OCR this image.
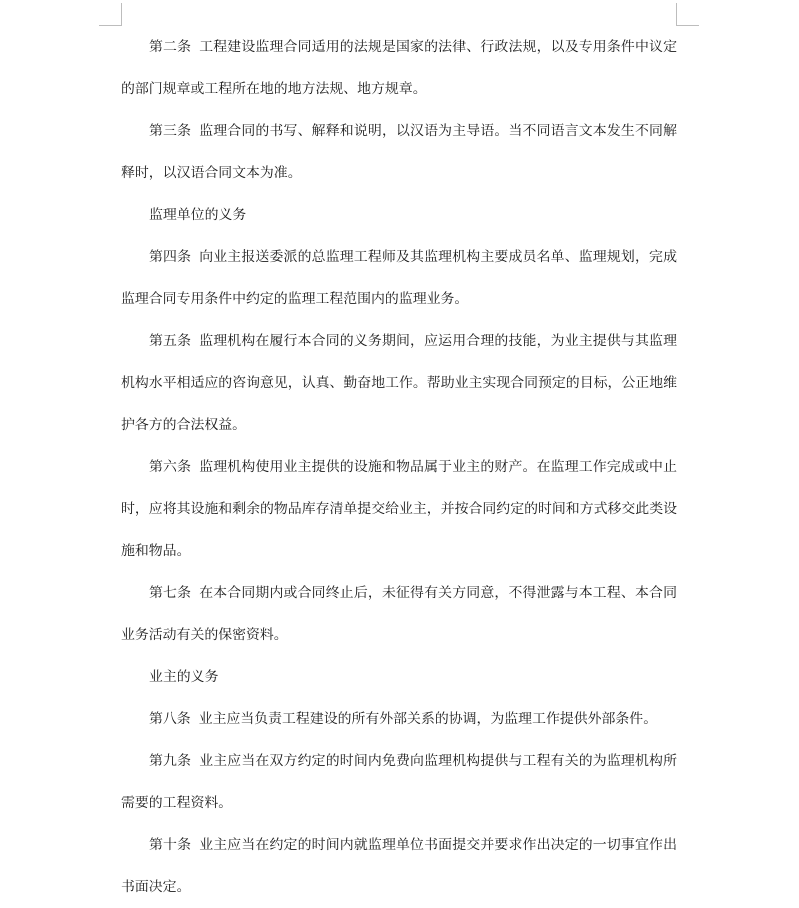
第二条 工程建设监理合同适用的法规是国家的法律、行政法规，以及专用条件中议定的部门规章或工程所在地的地方法规、地方规章。

第三条 监理合同的书写、解释和说明，以汉语为主导语。当不同语言文本发生不同解释时，以汉语合同文本为准。

监理单位的义务

第四条 向业主报送委派的总监理工程师及其监理机构主要成员名单、监理规划，完成监理合同专用条件中约定的监理工程范围内的监理业务。

第五条 监理机构在履行本合同的义务期间，应运用合理的技能，为业主提供与其监理机构水平相适应的咨询意见，认真、勤奋地工作。帮助业主实现合同预定的目标，公正地维护各方的合法权益。

第六条 监理机构使用业主提供的设施和物品属于业主的财产。在监理工作完成或中止时，应将其设施和剩余的物品库存清单提交给业主，并按合同约定的时间和方式移交此类设施和物品。

第七条 在本合同期内或合同终止后，未征得有关方同意，不得泄露与本工程、本合同业务活动有关的保密资料。

业主的义务

第八条 业主应当负责工程建设的所有外部关系的协调，为监理工作提供外部条件。

第九条 业主应当在双方约定的时间内免费向监理机构提供与工程有关的为监理机构所需要的工程资料。

第十条 业主应当在约定的时间内就监理单位书面提交并要求作出决定的一切事宜作出书面决定。
